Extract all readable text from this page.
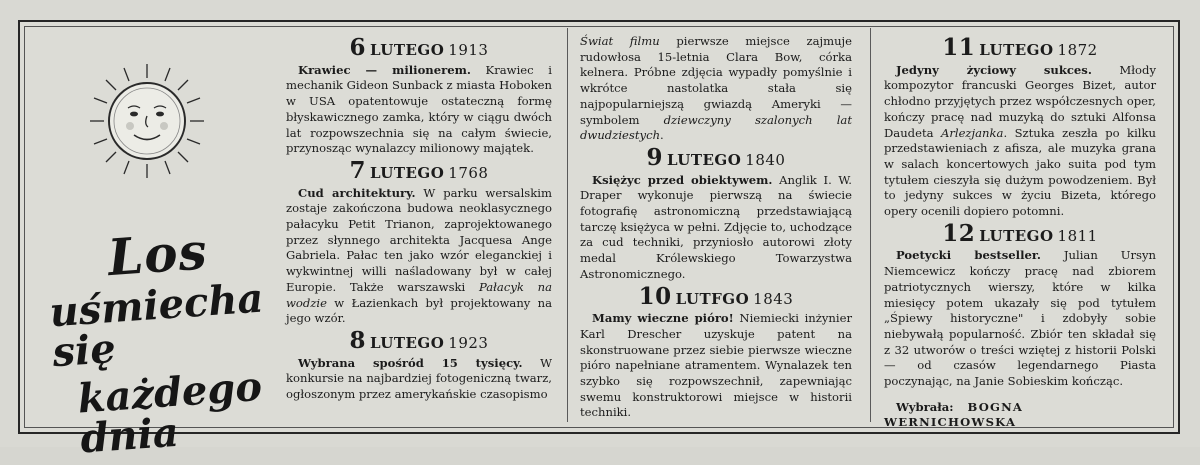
Los
uśmiecha się
każdego dnia
6 LUTEGO 1913

Krawiec — milionerem. Krawiec i mechanik Gideon Sunback z miasta Hoboken w USA opatentowuje ostateczną formę błyskawicznego zamka, który w ciągu dwóch lat rozpowszechnia się na całym świecie, przynosząc wynalazcy milionowy majątek.

7 LUTEGO 1768

Cud architektury. W parku wersalskim zostaje zakończona budowa neoklasycznego pałacyku Petit Trianon, zaprojektowanego przez słynnego architekta Jacquesa Ange Gabriela. Pałac ten jako wzór eleganckiej i wykwintnej willi naśladowany był w całej Europie. Także warszawski Pałacyk na wodzie w Łazienkach był projektowany na jego wzór.

8 LUTEGO 1923

Wybrana spośród 15 tysięcy. W konkursie na najbardziej fotogeniczną twarz, ogłoszonym przez amerykańskie czasopismo

Świat filmu pierwsze miejsce zajmuje rudowłosa 15-letnia Clara Bow, córka kelnera. Próbne zdjęcia wypadły pomyślnie i wkrótce nastolatka stała się najpopularniejszą gwiazdą Ameryki — symbolem dziewczyny szalonych lat dwudziestych.

9 LUTEGO 1840

Księżyc przed obiektywem. Anglik I. W. Draper wykonuje pierwszą na świecie fotografię astronomiczną przedstawiającą tarczę księżyca w pełni. Zdjęcie to, uchodzące za cud techniki, przyniosło autorowi złoty medal Królewskiego Towarzystwa Astronomicznego.

10 LUTFGO 1843

Mamy wieczne pióro! Niemiecki inżynier Karl Drescher uzyskuje patent na skonstruowane przez siebie pierwsze wieczne pióro napełniane atramentem. Wynalazek ten szybko się rozpowszechnił, zapewniając swemu konstruktorowi miejsce w historii techniki.

11 LUTEGO 1872

Jedyny życiowy sukces. Młody kompozytor francuski Georges Bizet, autor chłodno przyjętych przez współczesnych oper, kończy pracę nad muzyką do sztuki Alfonsa Daudeta Arlezjanka. Sztuka zeszła po kilku przedstawieniach z afisza, ale muzyka grana w salach koncertowych jako suita pod tym tytułem cieszyła się dużym powodzeniem. Był to jedyny sukces w życiu Bizeta, którego opery ocenili dopiero potomni.

12 LUTEGO 1811

Poetycki bestseller. Julian Ursyn Niemcewicz kończy pracę nad zbiorem patriotycznych wierszy, które w kilka miesięcy potem ukazały się pod tytułem „Śpiewy historyczne" i zdobyły sobie niebywałą popularność. Zbiór ten składał się z 32 utworów o treści wziętej z historii Polski — od czasów legendarnego Piasta poczynając, na Janie Sobieskim kończąc.

Wybrała: BOGNA WERNICHOWSKA
